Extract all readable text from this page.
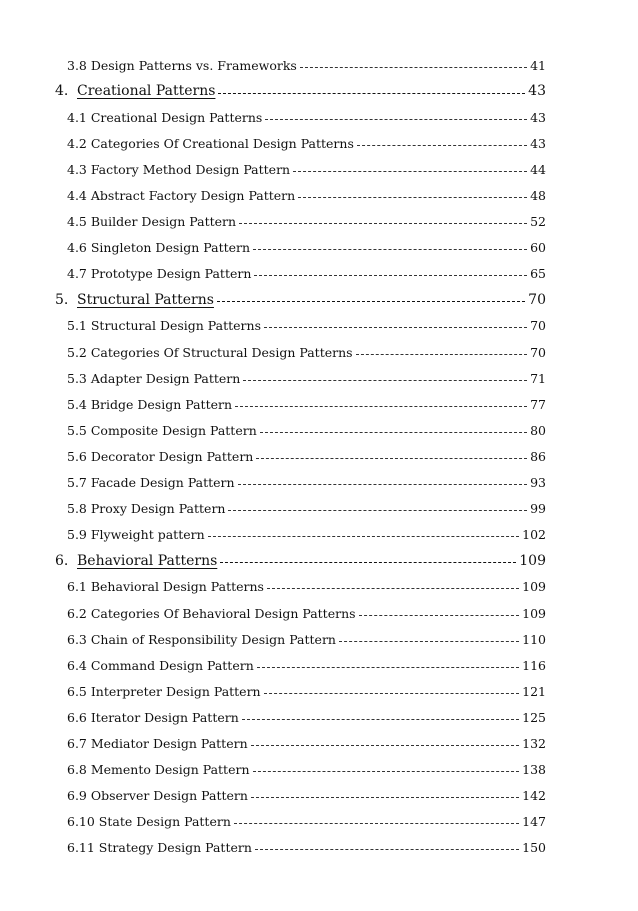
3.8 Design Patterns vs. Frameworks	41
4. Creational Patterns	43
4.1 Creational Design Patterns	43
4.2 Categories Of Creational Design Patterns	43
4.3 Factory Method Design Pattern	44
4.4 Abstract Factory Design Pattern	48
4.5 Builder Design Pattern	52
4.6 Singleton Design Pattern	60
4.7 Prototype Design Pattern	65
5. Structural Patterns	70
5.1 Structural Design Patterns	70
5.2 Categories Of Structural Design Patterns	70
5.3 Adapter Design Pattern	71
5.4 Bridge Design Pattern	77
5.5 Composite Design Pattern	80
5.6 Decorator Design Pattern	86
5.7 Facade Design Pattern	93
5.8 Proxy Design Pattern	99
5.9 Flyweight pattern	102
6. Behavioral Patterns	109
6.1 Behavioral Design Patterns	109
6.2 Categories Of Behavioral Design Patterns	109
6.3 Chain of Responsibility Design Pattern	110
6.4 Command Design Pattern	116
6.5 Interpreter Design Pattern	121
6.6 Iterator Design Pattern	125
6.7 Mediator Design Pattern	132
6.8 Memento Design Pattern	138
6.9 Observer Design Pattern	142
6.10 State Design Pattern	147
6.11 Strategy Design Pattern	150
